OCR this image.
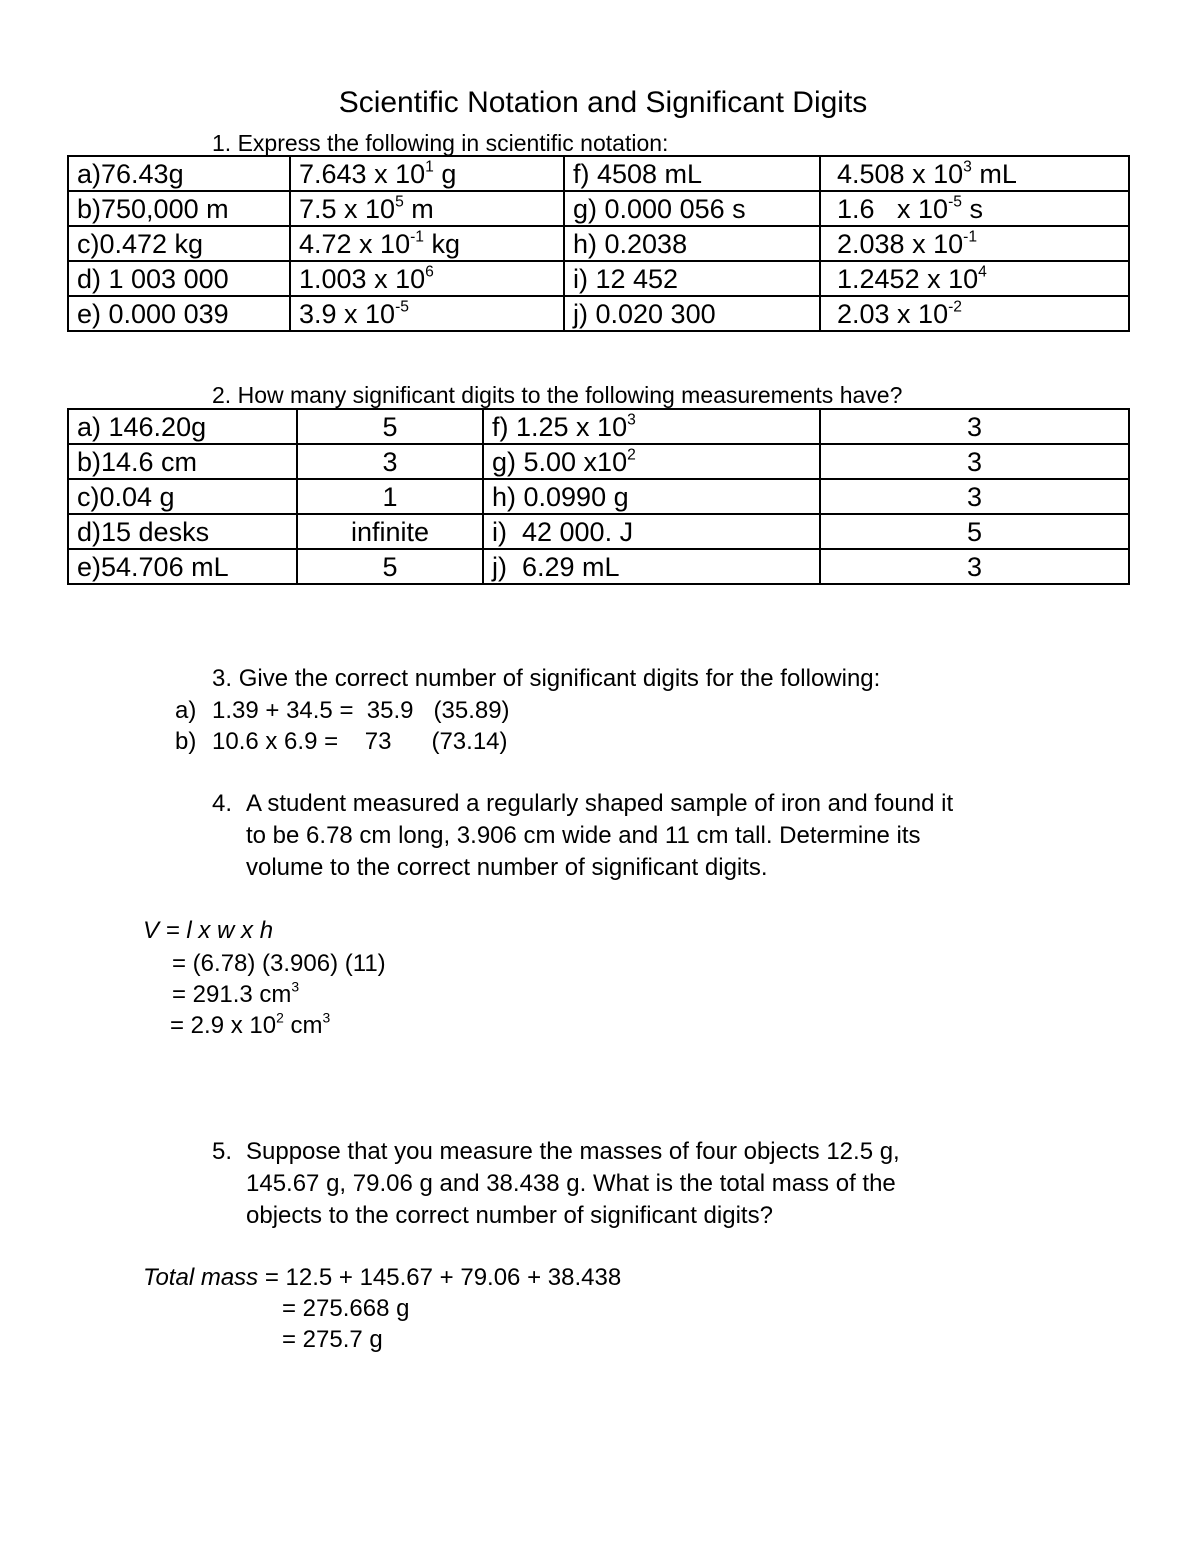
Scientific Notation and Significant Digits
1. Express the following in scientific notation:
a)76.43g	7.643 x $10^1$ g	f) 4508 mL	4.508 x $10^3$ mL
b)750,000 m	7.5 x $10^5$ m	g) 0.000 056 s	1.6   x $10^{-5}$ s
c)0.472 kg	4.72 x $10^{-1}$ kg	h) 0.2038	2.038 x $10^{-1}$
d) 1 003 000	1.003 x $10^6$	i) 12 452	1.2452 x $10^4$
e) 0.000 039	3.9 x $10^{-5}$	j) 0.020 300	2.03 x $10^{-2}$
2. How many significant digits to the following measurements have?
a) 146.20g	5	f) 1.25 x $10^3$	3
b)14.6 cm	3	g) 5.00 $x10^2$	3
c)0.04 g	1	h) 0.0990 g	3
d)15 desks	infinite	i)  42 000. J	5
e)54.706 mL	5	j)  6.29 mL	3
3. Give the correct number of significant digits for the following:
a) 1.39 + 34.5 =  35.9   (35.89)
b) 10.6 x 6.9 =    73      (73.14)
4. A student measured a regularly shaped sample of iron and found it
to be 6.78 cm long, 3.906 cm wide and 11 cm tall. Determine its
volume to the correct number of significant digits.
V = l x w x h
= (6.78) (3.906) (11)
= 291.3 $cm^3$
= 2.9 x $10^2$ $cm^3$
5. Suppose that you measure the masses of four objects 12.5 g,
145.67 g, 79.06 g and 38.438 g. What is the total mass of the
objects to the correct number of significant digits?
Total mass = 12.5 + 145.67 + 79.06 + 38.438
= 275.668 g
= 275.7 g
